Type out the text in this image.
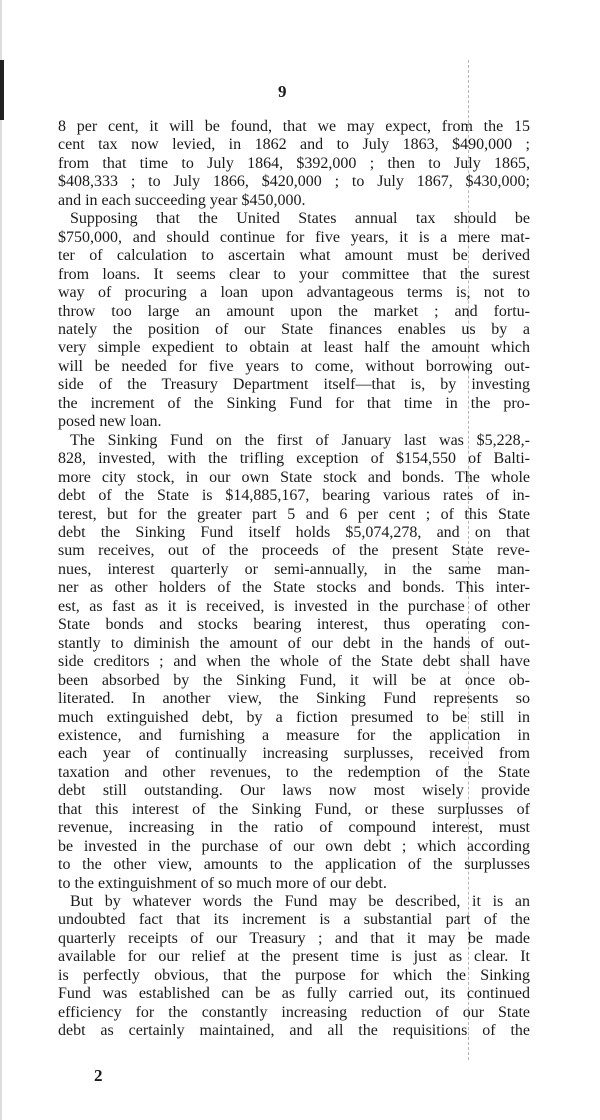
9
8 per cent, it will be found, that we may expect, from the 15
cent tax now levied, in 1862 and to July 1863, $490,000 ;
from that time to July 1864, $392,000 ; then to July 1865,
$408,333 ; to July 1866, $420,000 ; to July 1867, $430,000;
and in each succeeding year $450,000.
Supposing that the United States annual tax should be
$750,000, and should continue for five years, it is a mere mat-
ter of calculation to ascertain what amount must be derived
from loans. It seems clear to your committee that the surest
way of procuring a loan upon advantageous terms is, not to
throw too large an amount upon the market ; and fortu-
nately the position of our State finances enables us by a
very simple expedient to obtain at least half the amount which
will be needed for five years to come, without borrowing out-
side of the Treasury Department itself—that is, by investing
the increment of the Sinking Fund for that time in the pro-
posed new loan.
The Sinking Fund on the first of January last was $5,228,-
828, invested, with the trifling exception of $154,550 of Balti-
more city stock, in our own State stock and bonds. The whole
debt of the State is $14,885,167, bearing various rates of in-
terest, but for the greater part 5 and 6 per cent ; of this State
debt the Sinking Fund itself holds $5,074,278, and on that
sum receives, out of the proceeds of the present State reve-
nues, interest quarterly or semi-annually, in the same man-
ner as other holders of the State stocks and bonds. This inter-
est, as fast as it is received, is invested in the purchase of other
State bonds and stocks bearing interest, thus operating con-
stantly to diminish the amount of our debt in the hands of out-
side creditors ; and when the whole of the State debt shall have
been absorbed by the Sinking Fund, it will be at once ob-
literated. In another view, the Sinking Fund represents so
much extinguished debt, by a fiction presumed to be still in
existence, and furnishing a measure for the application in
each year of continually increasing surplusses, received from
taxation and other revenues, to the redemption of the State
debt still outstanding. Our laws now most wisely provide
that this interest of the Sinking Fund, or these surplusses of
revenue, increasing in the ratio of compound interest, must
be invested in the purchase of our own debt ; which according
to the other view, amounts to the application of the surplusses
to the extinguishment of so much more of our debt.
But by whatever words the Fund may be described, it is an
undoubted fact that its increment is a substantial part of the
quarterly receipts of our Treasury ; and that it may be made
available for our relief at the present time is just as clear. It
is perfectly obvious, that the purpose for which the Sinking
Fund was established can be as fully carried out, its continued
efficiency for the constantly increasing reduction of our State
debt as certainly maintained, and all the requisitions of the
2
